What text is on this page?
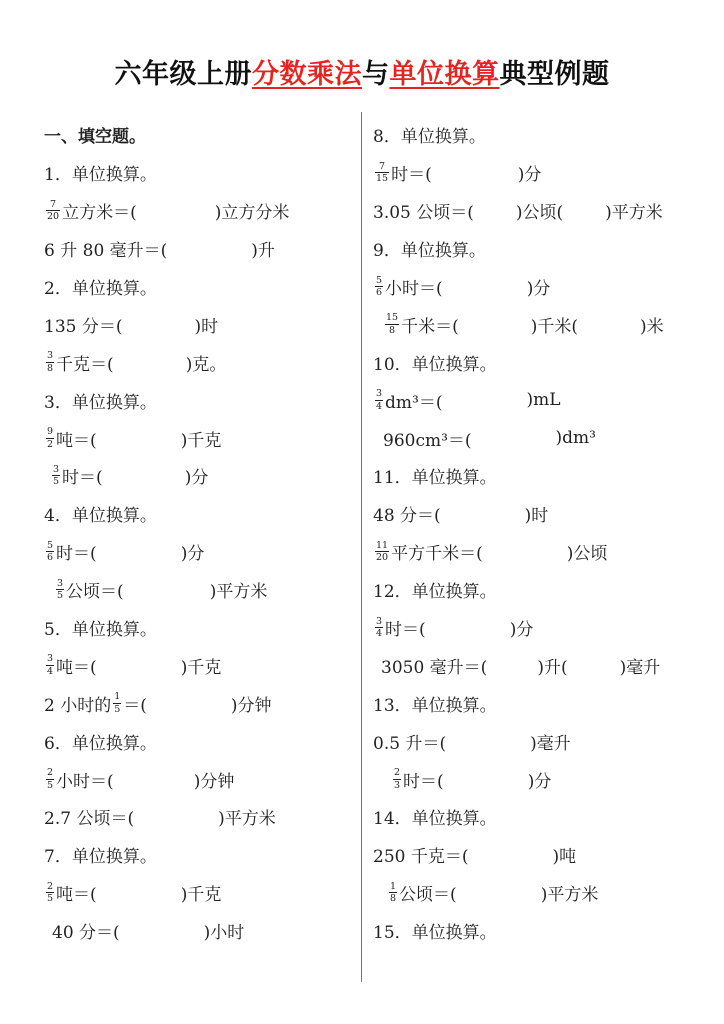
六年级上册分数乘法与单位换算典型例题
一、填空题。
1．单位换算。
$\frac{7}{20}$ 立方米＝(	)立方分米
6 升 80 毫升＝(	)升
2．单位换算。
135 分＝(	)时
$\frac{3}{8}$ 千克＝(	)克。
3．单位换算。
$\frac{9}{2}$ 吨＝(	)千克
$\frac{3}{5}$ 时＝(	)分
4．单位换算。
$\frac{5}{6}$ 时＝(	)分
$\frac{3}{5}$ 公顷＝(	)平方米
5．单位换算。
$\frac{3}{4}$ 吨＝(	)千克
2 小时的 $\frac{1}{5}$ ＝(	)分钟
6．单位换算。
$\frac{2}{5}$ 小时＝(	)分钟
2.7 公顷＝(	)平方米
7．单位换算。
$\frac{2}{5}$ 吨＝(	)千克
40 分＝(	)小时
8．单位换算。
$\frac{7}{15}$ 时＝(	)分
3.05 公顷＝( )公顷( )平方米
9．单位换算。
$\frac{5}{6}$ 小时＝(	)分
$\frac{15}{8}$ 千米＝(	)千米(	)米
10．单位换算。
$\frac{3}{4} dm^3=$(	)mL
960cm³＝(	)dm³
11．单位换算。
48 分＝(	)时
$\frac{11}{20}$ 平方千米＝(	)公顷
12．单位换算。
$\frac{3}{4}$ 时＝(	)分
3050 毫升＝(	)升(	)毫升
13．单位换算。
0.5 升＝(	)毫升
$\frac{2}{3}$ 时＝(	)分
14．单位换算。
250 千克＝(	)吨
$\frac{1}{8}$ 公顷＝(	)平方米
15．单位换算。
